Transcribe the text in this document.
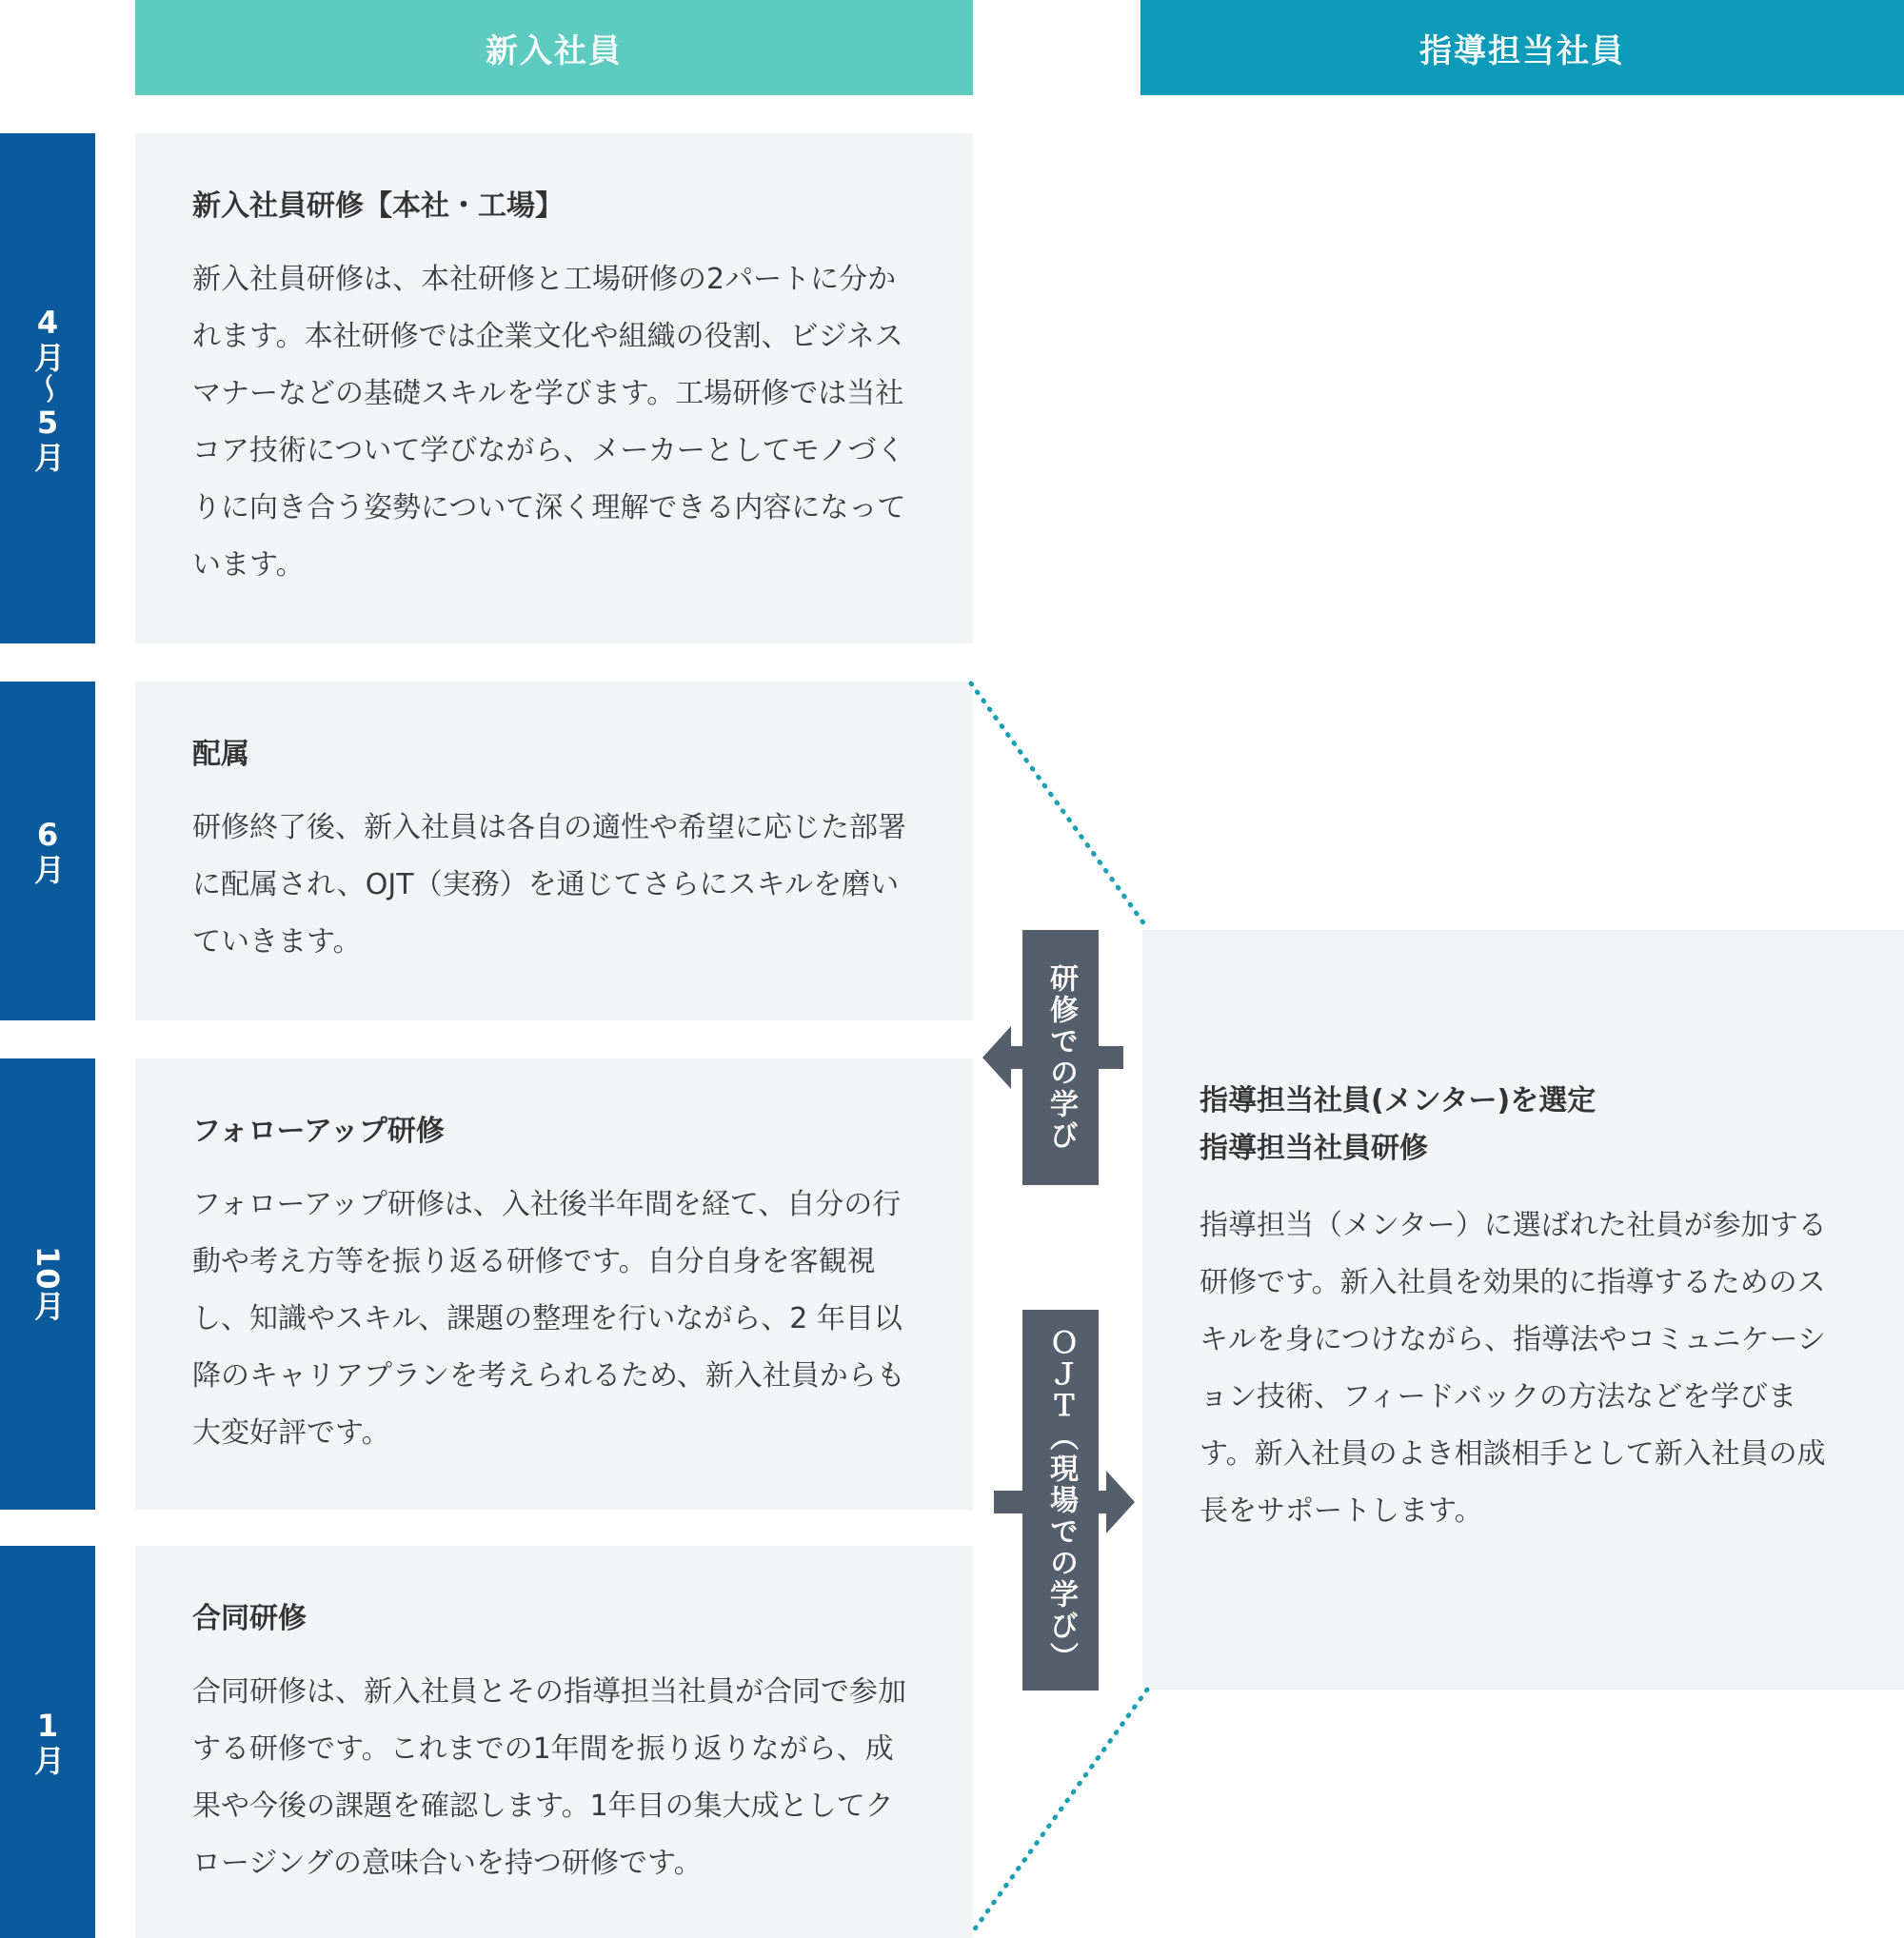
新入社員	指導担当社員
4月〜5月
6月
10月
1月
新入社員研修【本社・工場】

新入社員研修は、本社研修と工場研修の2パートに分かれます。本社研修では企業文化や組織の役割、ビジネスマナーなどの基礎スキルを学びます。工場研修では当社コア技術について学びながら、メーカーとしてモノづくりに向き合う姿勢について深く理解できる内容になっています。

配属

研修終了後、新入社員は各自の適性や希望に応じた部署に配属され、OJT（実務）を通じてさらにスキルを磨いていきます。

フォローアップ研修

フォローアップ研修は、入社後半年間を経て、自分の行動や考え方等を振り返る研修です。自分自身を客観視し、知識やスキル、課題の整理を行いながら、2 年目以降のキャリアプランを考えられるため、新入社員からも大変好評です。

合同研修

合同研修は、新入社員とその指導担当社員が合同で参加する研修です。これまでの1年間を振り返りながら、成果や今後の課題を確認します。1年目の集大成としてクロージングの意味合いを持つ研修です。

指導担当社員(メンター)を選定
指導担当社員研修

指導担当（メンター）に選ばれた社員が参加する研修です。新入社員を効果的に指導するためのスキルを身につけながら、指導法やコミュニケーション技術、フィードバックの方法などを学びます。新入社員のよき相談相手として新入社員の成長をサポートします。

研修での学び
ＯＪＴ（現場での学び）
